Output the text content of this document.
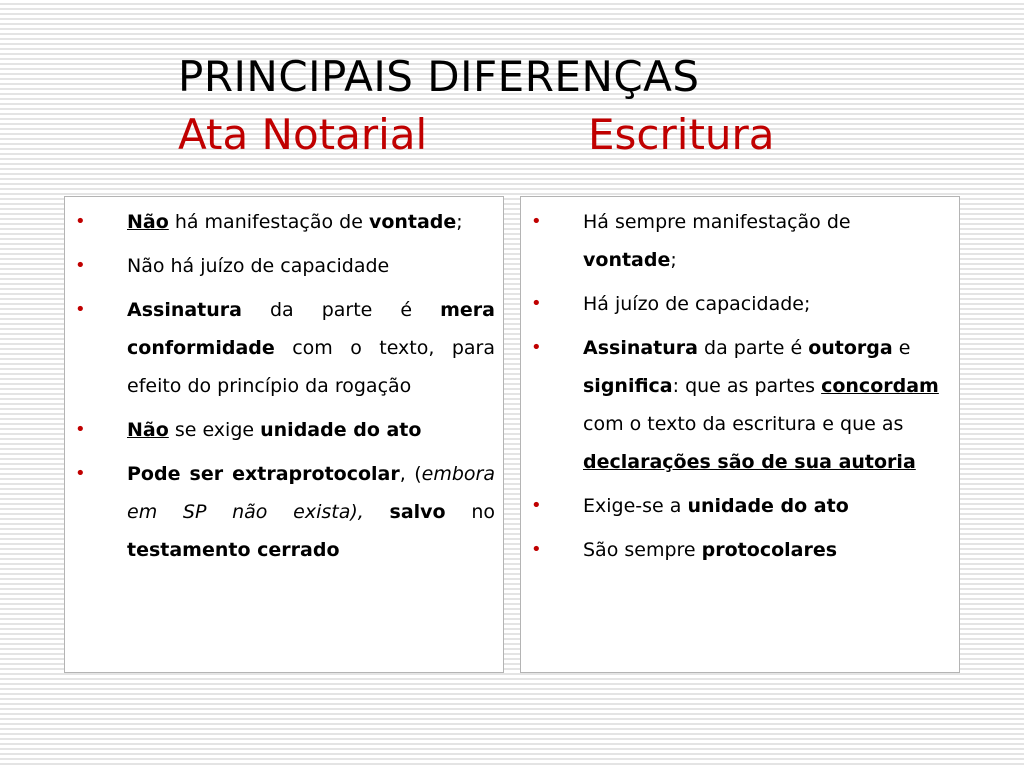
PRINCIPAIS DIFERENÇAS
Ata Notarial	Escritura
• Não há manifestação de vontade;
• Não há juízo de capacidade
• Assinatura da parte é mera conformidade com o texto, para efeito do princípio da rogação
• Não se exige unidade do ato
• Pode ser extraprotocolar, (embora em SP não exista), salvo no testamento cerrado
• Há sempre manifestação de vontade;
• Há juízo de capacidade;
• Assinatura da parte é outorga e significa: que as partes concordam com o texto da escritura e que as declarações são de sua autoria
• Exige-se a unidade do ato
• São sempre protocolares
